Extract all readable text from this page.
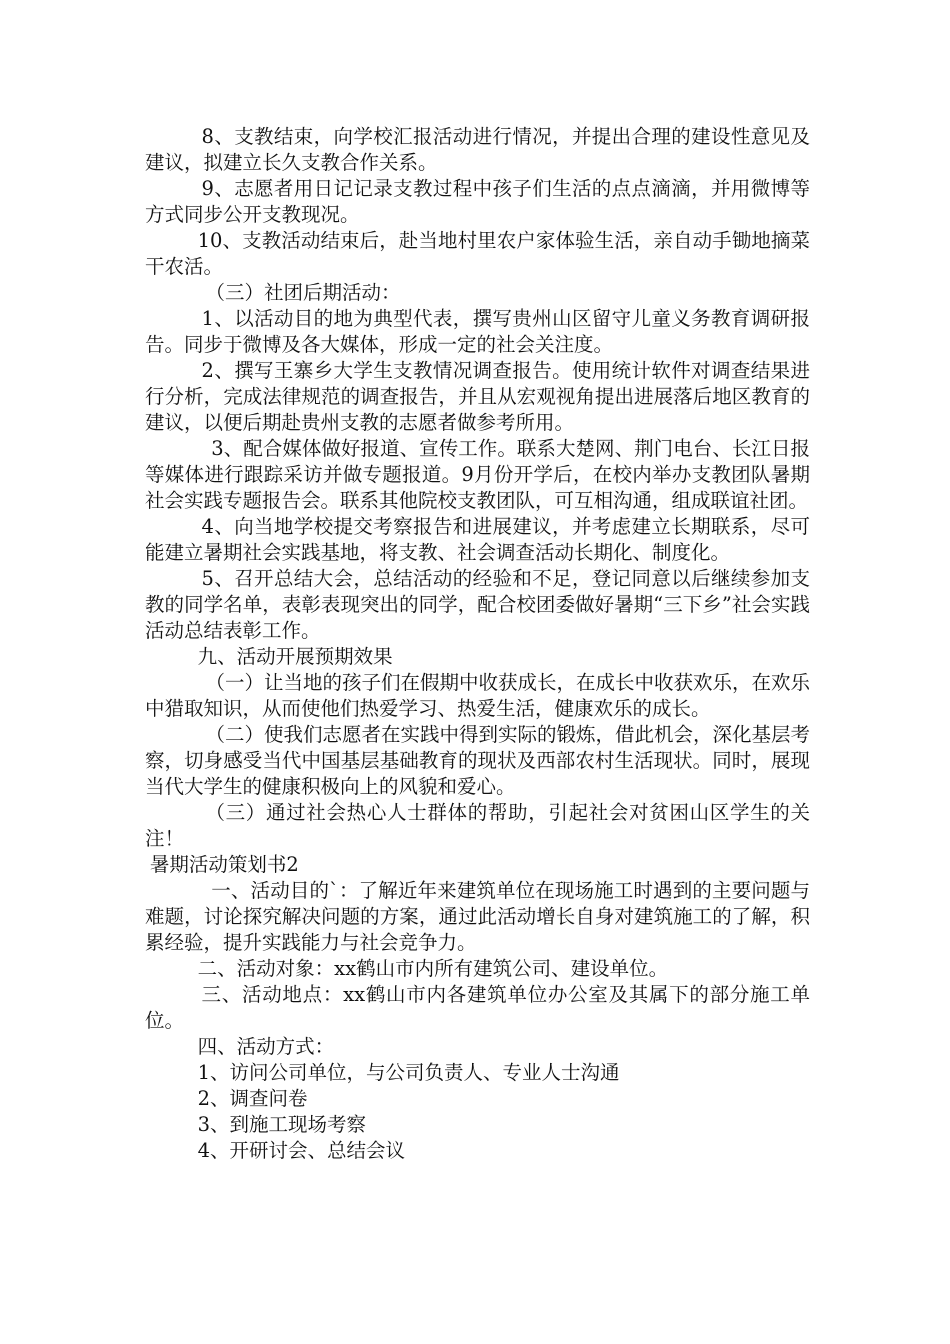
8、支教结束，向学校汇报活动进行情况，并提出合理的建设性意见及建议，拟建立长久支教合作关系。

9、志愿者用日记记录支教过程中孩子们生活的点点滴滴，并用微博等方式同步公开支教现况。

10、支教活动结束后，赴当地村里农户家体验生活，亲自动手锄地摘菜干农活。

（三）社团后期活动：

1、以活动目的地为典型代表，撰写贵州山区留守儿童义务教育调研报告。同步于微博及各大媒体，形成一定的社会关注度。

2、撰写王寨乡大学生支教情况调查报告。使用统计软件对调查结果进行分析，完成法律规范的调查报告，并且从宏观视角提出进展落后地区教育的建议，以便后期赴贵州支教的志愿者做参考所用。

3、配合媒体做好报道、宣传工作。联系大楚网、荆门电台、长江日报等媒体进行跟踪采访并做专题报道。9月份开学后，在校内举办支教团队暑期社会实践专题报告会。联系其他院校支教团队，可互相沟通，组成联谊社团。

4、向当地学校提交考察报告和进展建议，并考虑建立长期联系，尽可能建立暑期社会实践基地，将支教、社会调查活动长期化、制度化。

5、召开总结大会，总结活动的经验和不足，登记同意以后继续参加支教的同学名单，表彰表现突出的同学，配合校团委做好暑期“三下乡”社会实践活动总结表彰工作。

九、活动开展预期效果

（一）让当地的孩子们在假期中收获成长，在成长中收获欢乐，在欢乐中猎取知识，从而使他们热爱学习、热爱生活，健康欢乐的成长。

（二）使我们志愿者在实践中得到实际的锻炼，借此机会，深化基层考察，切身感受当代中国基层基础教育的现状及西部农村生活现状。同时，展现当代大学生的健康积极向上的风貌和爱心。

（三）通过社会热心人士群体的帮助，引起社会对贫困山区学生的关注！

暑期活动策划书2

一、活动目的`：了解近年来建筑单位在现场施工时遇到的主要问题与难题，讨论探究解决问题的方案，通过此活动增长自身对建筑施工的了解，积累经验，提升实践能力与社会竞争力。

二、活动对象：xx鹤山市内所有建筑公司、建设单位。

三、活动地点：xx鹤山市内各建筑单位办公室及其属下的部分施工单位。

四、活动方式：

1、访问公司单位，与公司负责人、专业人士沟通

2、调查问卷

3、到施工现场考察

4、开研讨会、总结会议
